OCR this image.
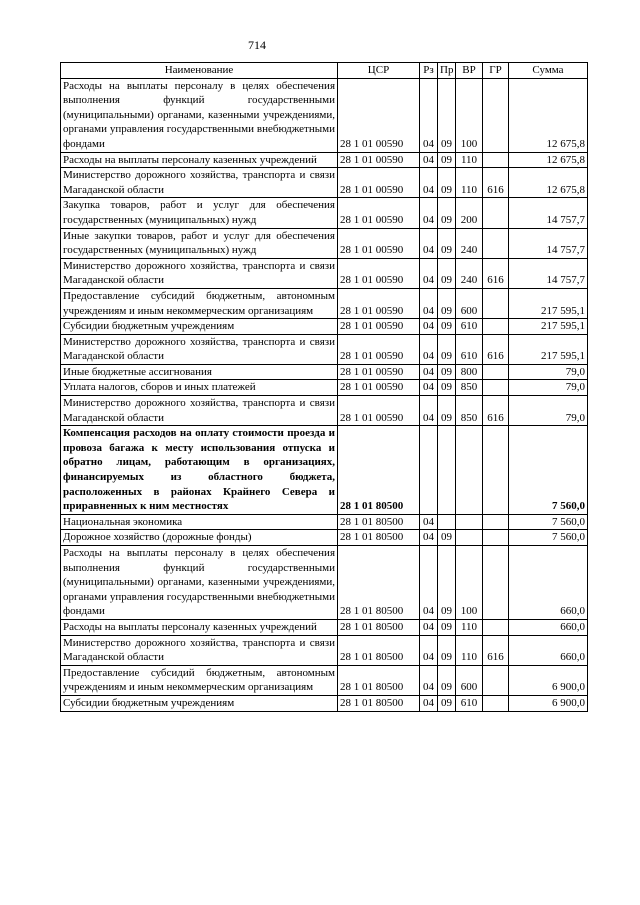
714
Наименование	ЦСР	Рз	Пр	ВР	ГР	Сумма
Расходы на выплаты персоналу в целях обеспечения выполнения функций государственными (муниципальными) органами, казенными учреждениями, органами управления государственными внебюджетными фондами	28 1 01 00590	04	09	100		12 675,8
Расходы на выплаты персоналу казенных учреждений	28 1 01 00590	04	09	110		12 675,8
Министерство дорожного хозяйства, транспорта и связи Магаданской области	28 1 01 00590	04	09	110	616	12 675,8
Закупка товаров, работ и услуг для обеспечения государственных (муниципальных) нужд	28 1 01 00590	04	09	200		14 757,7
Иные закупки товаров, работ и услуг для обеспечения государственных (муниципальных) нужд	28 1 01 00590	04	09	240		14 757,7
Министерство дорожного хозяйства, транспорта и связи Магаданской области	28 1 01 00590	04	09	240	616	14 757,7
Предоставление субсидий бюджетным, автономным учреждениям и иным некоммерческим организациям	28 1 01 00590	04	09	600		217 595,1
Субсидии бюджетным учреждениям	28 1 01 00590	04	09	610		217 595,1
Министерство дорожного хозяйства, транспорта и связи Магаданской области	28 1 01 00590	04	09	610	616	217 595,1
Иные бюджетные ассигнования	28 1 01 00590	04	09	800		79,0
Уплата налогов, сборов и иных платежей	28 1 01 00590	04	09	850		79,0
Министерство дорожного хозяйства, транспорта и связи Магаданской области	28 1 01 00590	04	09	850	616	79,0
Компенсация расходов на оплату стоимости проезда и провоза багажа к месту использования отпуска и обратно лицам, работающим в организациях, финансируемых из областного бюджета, расположенных в районах Крайнего Севера и приравненных к ним местностях	28 1 01 80500					7 560,0
Национальная экономика	28 1 01 80500	04				7 560,0
Дорожное хозяйство (дорожные фонды)	28 1 01 80500	04	09			7 560,0
Расходы на выплаты персоналу в целях обеспечения выполнения функций государственными (муниципальными) органами, казенными учреждениями, органами управления государственными внебюджетными фондами	28 1 01 80500	04	09	100		660,0
Расходы на выплаты персоналу казенных учреждений	28 1 01 80500	04	09	110		660,0
Министерство дорожного хозяйства, транспорта и связи Магаданской области	28 1 01 80500	04	09	110	616	660,0
Предоставление субсидий бюджетным, автономным учреждениям и иным некоммерческим организациям	28 1 01 80500	04	09	600		6 900,0
Субсидии бюджетным учреждениям	28 1 01 80500	04	09	610		6 900,0
